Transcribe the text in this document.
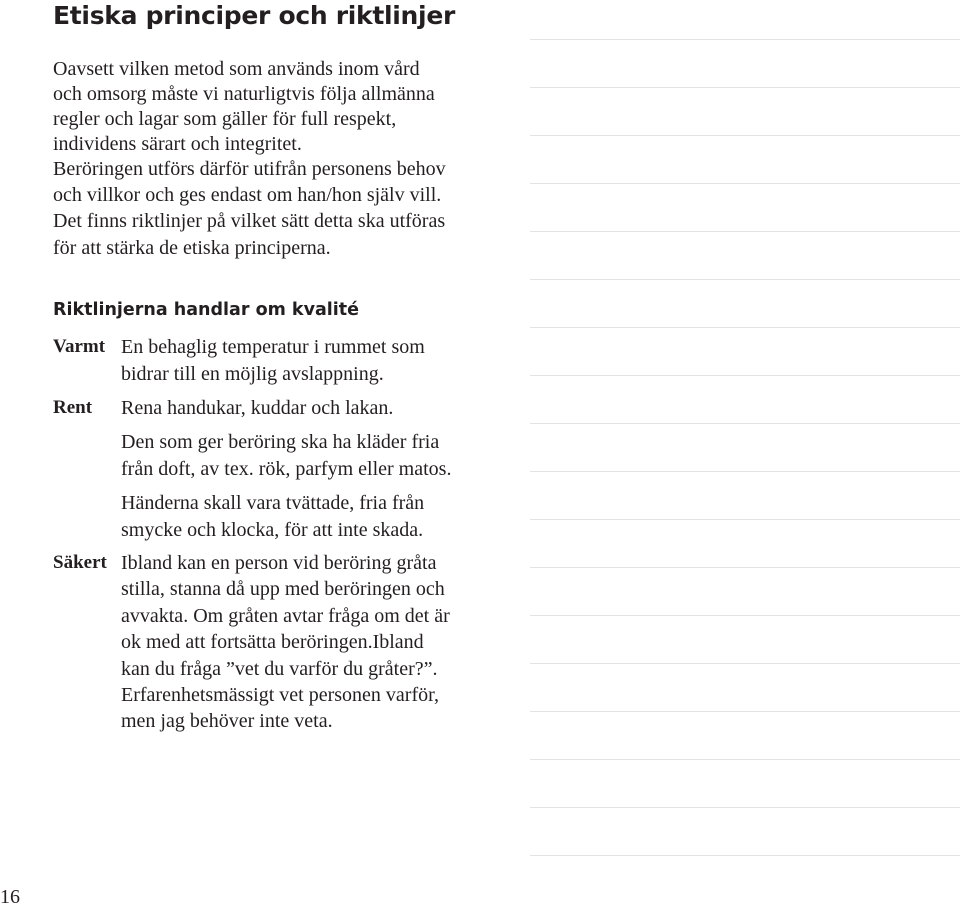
Etiska principer och riktlinjer
Oavsett vilken metod som används inom vård
och omsorg måste vi naturligtvis följa allmänna
regler och lagar som gäller för full respekt,
individens särart och integritet.
Beröringen utförs därför utifrån personens behov
och villkor och ges endast om han/hon själv vill.
Det finns riktlinjer på vilket sätt detta ska utföras
för att stärka de etiska principerna.
Riktlinjerna handlar om kvalité
Varmt En behaglig temperatur i rummet som
bidrar till en möjlig avslappning.
Rent Rena handukar, kuddar och lakan.
Den som ger beröring ska ha kläder fria
från doft, av tex. rök, parfym eller matos.
Händerna skall vara tvättade, fria från
smycke och klocka, för att inte skada.
Säkert Ibland kan en person vid beröring gråta
stilla, stanna då upp med beröringen och
avvakta. Om gråten avtar fråga om det är
ok med att fortsätta beröringen.Ibland
kan du fråga ”vet du varför du gråter?”.
Erfarenhetsmässigt vet personen varför,
men jag behöver inte veta.
16
